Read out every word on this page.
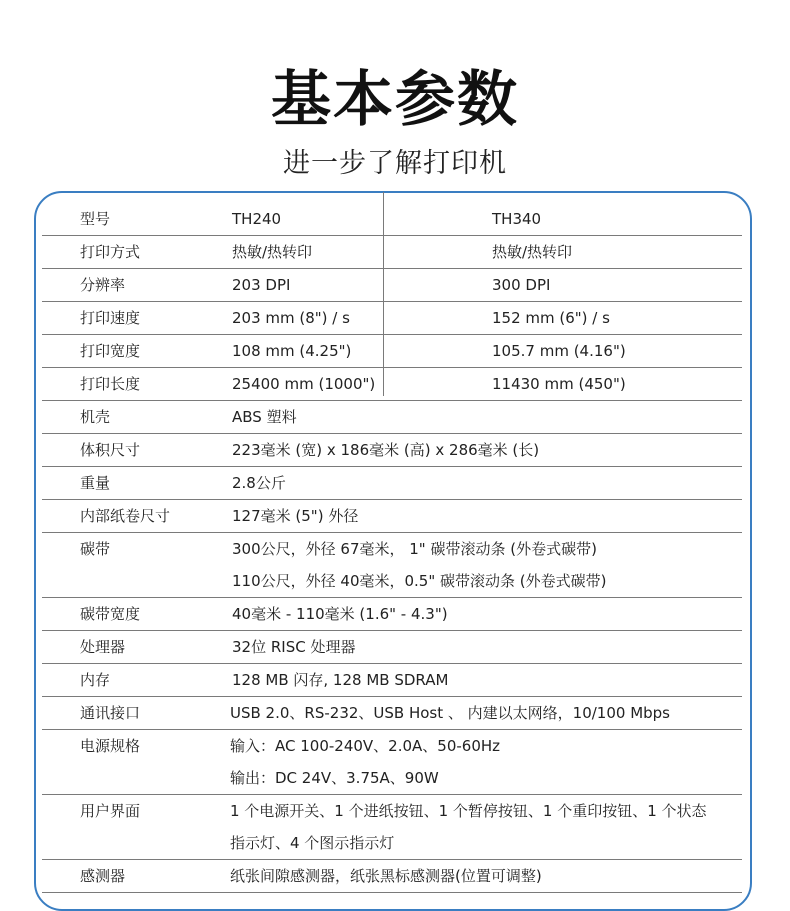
基本参数
进一步了解打印机
型号	TH240	TH340
打印方式	热敏/热转印	热敏/热转印
分辨率	203 DPI	300 DPI
打印速度	203 mm (8") / s	152 mm (6") / s
打印宽度	108 mm (4.25")	105.7 mm (4.16")
打印长度	25400 mm (1000")	11430 mm (450")
机壳	ABS 塑料
体积尺寸	223毫米 (宽) x 186毫米 (高) x 286毫米 (长)
重量	2.8公斤
内部纸卷尺寸	127毫米 (5") 外径
碳带	300公尺，外径 67毫米， 1" 碳带滚动条 (外卷式碳带)
110公尺，外径 40毫米，0.5" 碳带滚动条 (外卷式碳带)
碳带宽度	40毫米 - 110毫米 (1.6" - 4.3")
处理器	32位 RISC 处理器
内存	128 MB 闪存, 128 MB SDRAM
通讯接口	USB 2.0、RS-232、USB Host 、 内建以太网络，10/100 Mbps
电源规格	输入：AC 100-240V、2.0A、50-60Hz
输出：DC 24V、3.75A、90W
用户界面	1 个电源开关、1 个进纸按钮、1 个暂停按钮、1 个重印按钮、1 个状态
指示灯、4 个图示指示灯
感测器	纸张间隙感测器，纸张黑标感测器(位置可调整)
